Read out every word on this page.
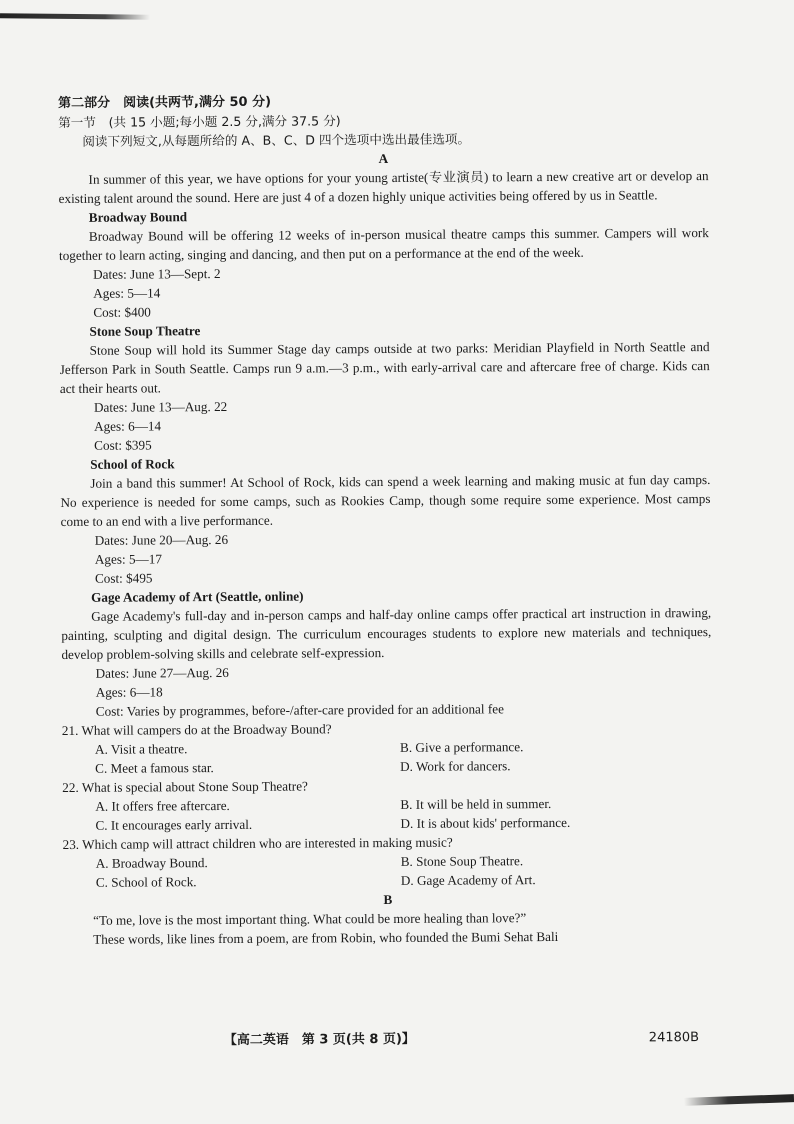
第二部分　阅读(共两节,满分 50 分)
第一节　(共 15 小题;每小题 2.5 分,满分 37.5 分)
阅读下列短文,从每题所给的 A、B、C、D 四个选项中选出最佳选项。
A

In summer of this year, we have options for your young artiste(专业演员) to learn a new creative art or develop an existing talent around the sound. Here are just 4 of a dozen highly unique activities being offered by us in Seattle.

Broadway Bound

Broadway Bound will be offering 12 weeks of in-person musical theatre camps this summer. Campers will work together to learn acting, singing and dancing, and then put on a performance at the end of the week.

Dates: June 13—Sept. 2
Ages: 5—14
Cost: $400
Stone Soup Theatre

Stone Soup will hold its Summer Stage day camps outside at two parks: Meridian Playfield in North Seattle and Jefferson Park in South Seattle. Camps run 9 a.m.—3 p.m., with early-arrival care and aftercare free of charge. Kids can act their hearts out.

Dates: June 13—Aug. 22
Ages: 6—14
Cost: $395
School of Rock

Join a band this summer! At School of Rock, kids can spend a week learning and making music at fun day camps. No experience is needed for some camps, such as Rookies Camp, though some require some experience. Most camps come to an end with a live performance.

Dates: June 20—Aug. 26
Ages: 5—17
Cost: $495
Gage Academy of Art (Seattle, online)

Gage Academy's full-day and in-person camps and half-day online camps offer practical art instruction in drawing, painting, sculpting and digital design. The curriculum encourages students to explore new materials and techniques, develop problem-solving skills and celebrate self-expression.

Dates: June 27—Aug. 26
Ages: 6—18
Cost: Varies by programmes, before-/after-care provided for an additional fee
21. What will campers do at the Broadway Bound?
A. Visit a theatre.	B. Give a performance.
C. Meet a famous star.	D. Work for dancers.
22. What is special about Stone Soup Theatre?
A. It offers free aftercare.	B. It will be held in summer.
C. It encourages early arrival.	D. It is about kids' performance.
23. Which camp will attract children who are interested in making music?
A. Broadway Bound.	B. Stone Soup Theatre.
C. School of Rock.	D. Gage Academy of Art.
B

“To me, love is the most important thing. What could be more healing than love?”

These words, like lines from a poem, are from Robin, who founded the Bumi Sehat Bali

【高二英语　第 3 页(共 8 页)】	24180B
